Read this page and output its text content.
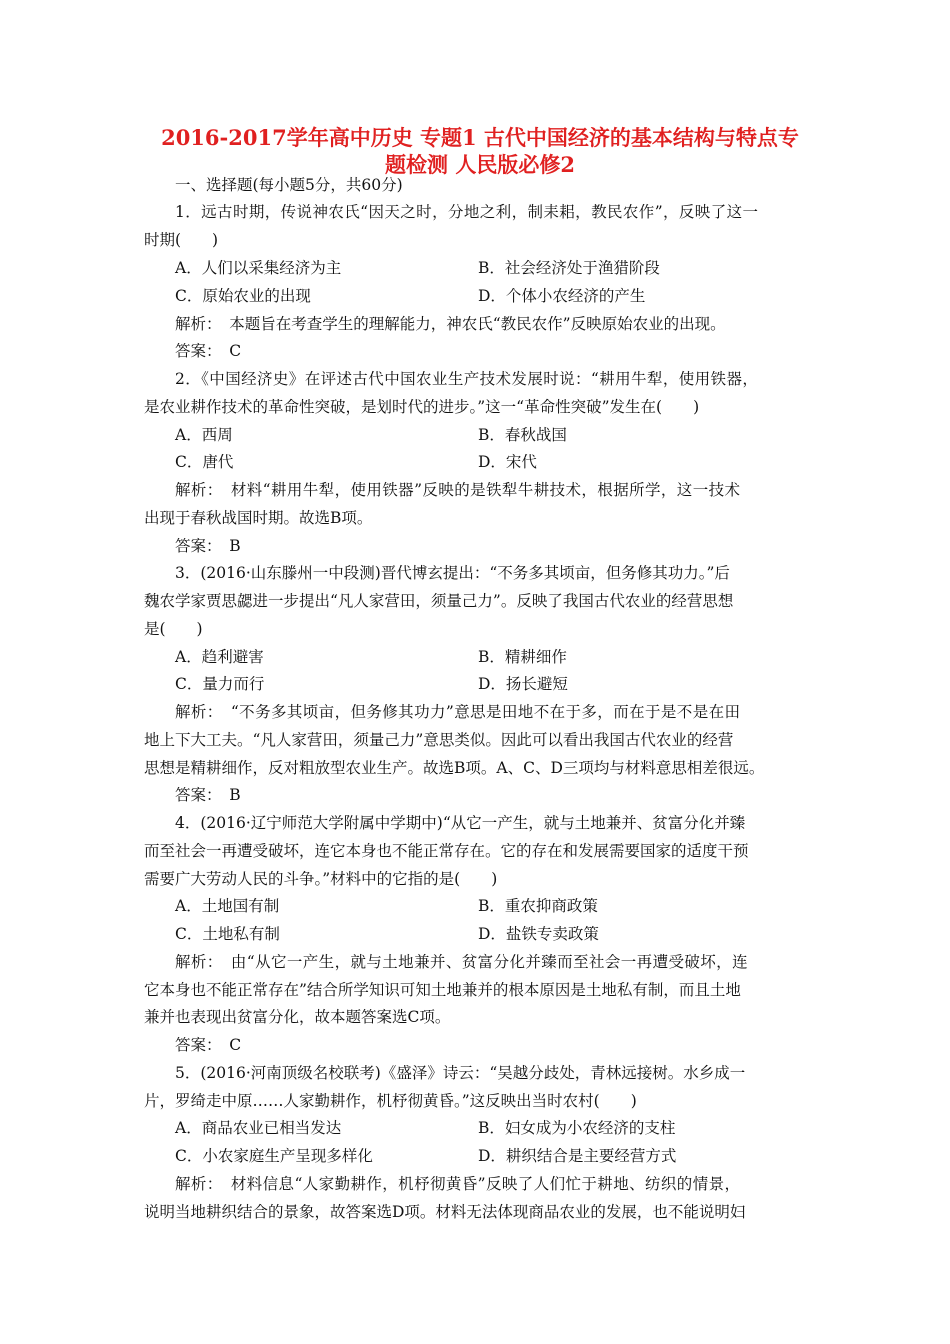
2016-2017学年高中历史 专题1 古代中国经济的基本结构与特点专
题检测 人民版必修2
一、选择题(每小题5分，共60分)
1．远古时期，传说神农氏“因天之时，分地之利，制耒耜，教民农作”，反映了这一
时期(　　)
A．人们以采集经济为主	B．社会经济处于渔猎阶段
C．原始农业的出现	D．个体小农经济的产生
解析：　本题旨在考查学生的理解能力，神农氏“教民农作”反映原始农业的出现。
答案：　C
2．《中国经济史》在评述古代中国农业生产技术发展时说：“耕用牛犁，使用铁器，
是农业耕作技术的革命性突破，是划时代的进步。”这一“革命性突破”发生在(　　)
A．西周	B．春秋战国
C．唐代	D．宋代
解析：　材料“耕用牛犁，使用铁器”反映的是铁犁牛耕技术，根据所学，这一技术
出现于春秋战国时期。故选B项。
答案：　B
3．(2016·山东滕州一中段测)晋代博玄提出：“不务多其顷亩，但务修其功力。”后
魏农学家贾思勰进一步提出“凡人家营田，须量己力”。反映了我国古代农业的经营思想
是(　　)
A．趋利避害	B．精耕细作
C．量力而行	D．扬长避短
解析：　“不务多其顷亩，但务修其功力”意思是田地不在于多，而在于是不是在田
地上下大工夫。“凡人家营田，须量己力”意思类似。因此可以看出我国古代农业的经营
思想是精耕细作，反对粗放型农业生产。故选B项。A、C、D三项均与材料意思相差很远。
答案：　B
4．(2016·辽宁师范大学附属中学期中)“从它一产生，就与土地兼并、贫富分化并臻
而至社会一再遭受破坏，连它本身也不能正常存在。它的存在和发展需要国家的适度干预
需要广大劳动人民的斗争。”材料中的它指的是(　　)
A．土地国有制	B．重农抑商政策
C．土地私有制	D．盐铁专卖政策
解析：　由“从它一产生，就与土地兼并、贫富分化并臻而至社会一再遭受破坏，连
它本身也不能正常存在”结合所学知识可知土地兼并的根本原因是土地私有制，而且土地
兼并也表现出贫富分化，故本题答案选C项。
答案：　C
5．(2016·河南顶级名校联考)《盛泽》诗云：“吴越分歧处，青林远接树。水乡成一
片，罗绮走中原……人家勤耕作，机杼彻黄昏。”这反映出当时农村(　　)
A．商品农业已相当发达	B．妇女成为小农经济的支柱
C．小农家庭生产呈现多样化	D．耕织结合是主要经营方式
解析：　材料信息“人家勤耕作，机杼彻黄昏”反映了人们忙于耕地、纺织的情景，
说明当地耕织结合的景象，故答案选D项。材料无法体现商品农业的发展，也不能说明妇
